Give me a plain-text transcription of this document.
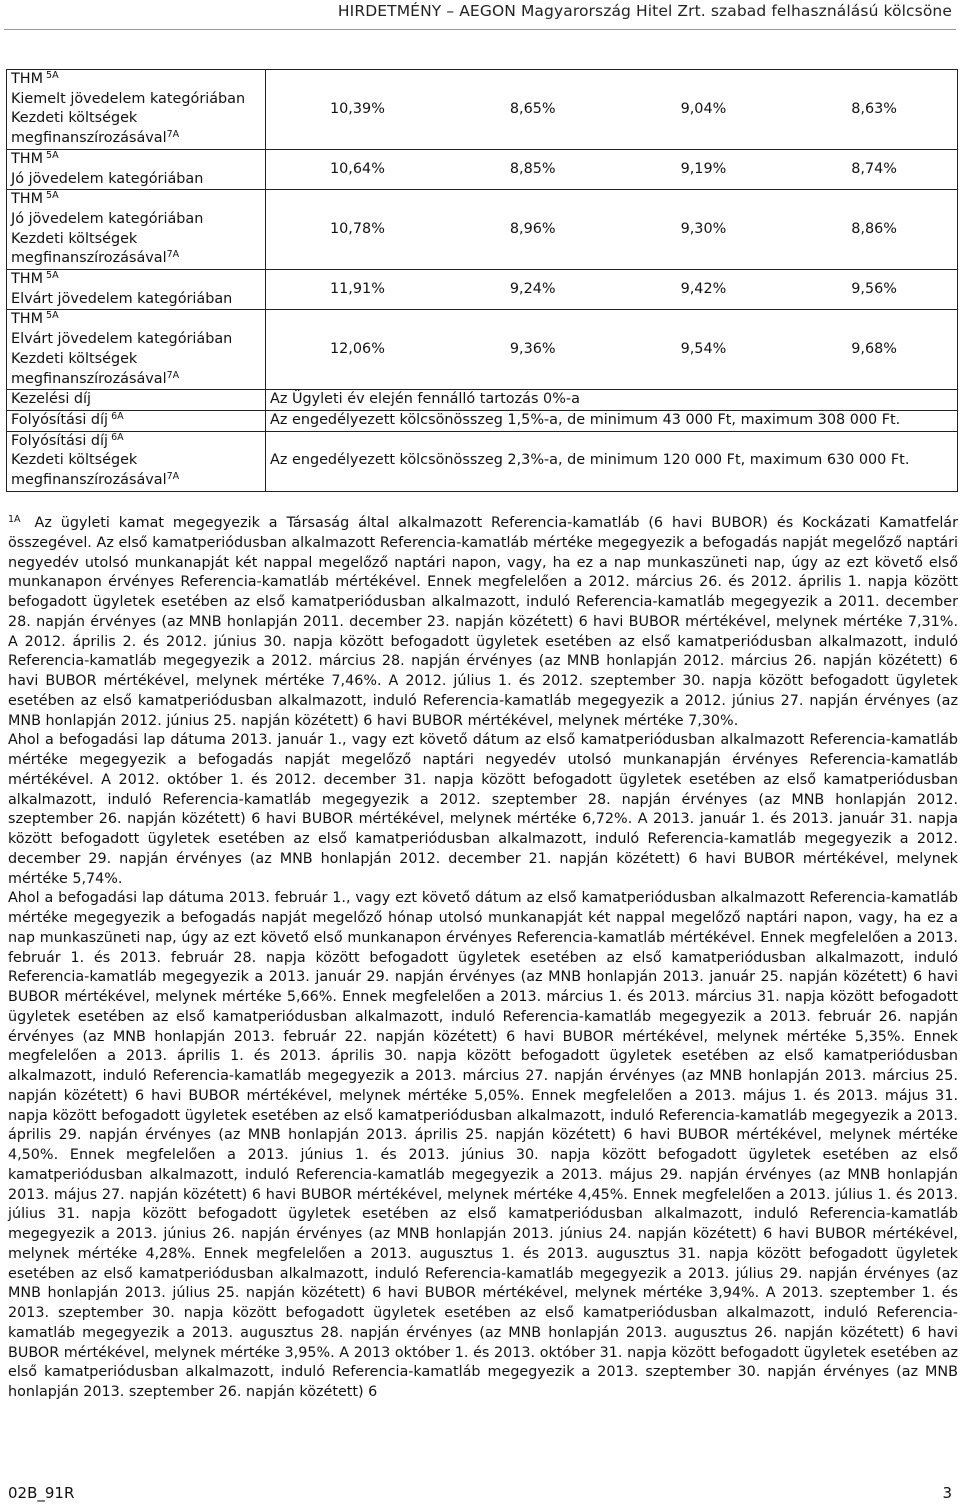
HIRDETMÉNY – AEGON Magyarország Hitel Zrt. szabad felhasználású kölcsöne
THM $^{5A}$
Kiemelt jövedelem kategóriában
Kezdeti költségek
megfinanszírozásával$^{7A}$	10,39% 8,65% 9,04% 8,63%

THM $^{5A}$
Jó jövedelem kategóriában	10,64% 8,85% 9,19% 8,74%

THM $^{5A}$
Jó jövedelem kategóriában
Kezdeti költségek
megfinanszírozásával$^{7A}$	10,78% 8,96% 9,30% 8,86%

THM $^{5A}$
Elvárt jövedelem kategóriában	11,91% 9,24% 9,42% 9,56%

THM $^{5A}$
Elvárt jövedelem kategóriában
Kezdeti költségek
megfinanszírozásával$^{7A}$	12,06% 9,36% 9,54% 9,68%

Kezelési díj	Az Ügyleti év elején fennálló tartozás 0%-a
Folyósítási díj $^{6A}$	Az engedélyezett kölcsönösszeg 1,5%-a, de minimum 43 000 Ft, maximum 308 000 Ft.
Folyósítási díj $^{6A}$
Kezdeti költségek
megfinanszírozásával$^{7A}$	Az engedélyezett kölcsönösszeg 2,3%-a, de minimum 120 000 Ft, maximum 630 000 Ft.

$^{1A}$ Az ügyleti kamat megegyezik a Társaság által alkalmazott Referencia-kamatláb (6 havi BUBOR) és Kockázati Kamatfelár összegével. Az első kamatperiódusban alkalmazott Referencia-kamatláb mértéke megegyezik a befogadás napját megelőző naptári negyedév utolsó munkanapját két nappal megelőző naptári napon, vagy, ha ez a nap munkaszüneti nap, úgy az ezt követő első munkanapon érvényes Referencia-kamatláb mértékével. Ennek megfelelően a 2012. március 26. és 2012. április 1. napja között befogadott ügyletek esetében az első kamatperiódusban alkalmazott, induló Referencia-kamatláb megegyezik a 2011. december 28. napján érvényes (az MNB honlapján 2011. december 23. napján közétett) 6 havi BUBOR mértékével, melynek mértéke 7,31%. A 2012. április 2. és 2012. június 30. napja között befogadott ügyletek esetében az első kamatperiódusban alkalmazott, induló Referencia-kamatláb megegyezik a 2012. március 28. napján érvényes (az MNB honlapján 2012. március 26. napján közétett) 6 havi BUBOR mértékével, melynek mértéke 7,46%. A 2012. július 1. és 2012. szeptember 30. napja között befogadott ügyletek esetében az első kamatperiódusban alkalmazott, induló Referencia-kamatláb megegyezik a 2012. június 27. napján érvényes (az MNB honlapján 2012. június 25. napján közétett) 6 havi BUBOR mértékével, melynek mértéke 7,30%.

Ahol a befogadási lap dátuma 2013. január 1., vagy ezt követő dátum az első kamatperiódusban alkalmazott Referencia-kamatláb mértéke megegyezik a befogadás napját megelőző naptári negyedév utolsó munkanapján érvényes Referencia-kamatláb mértékével. A 2012. október 1. és 2012. december 31. napja között befogadott ügyletek esetében az első kamatperiódusban alkalmazott, induló Referencia-kamatláb megegyezik a 2012. szeptember 28. napján érvényes (az MNB honlapján 2012. szeptember 26. napján közétett) 6 havi BUBOR mértékével, melynek mértéke 6,72%. A 2013. január 1. és 2013. január 31. napja között befogadott ügyletek esetében az első kamatperiódusban alkalmazott, induló Referencia-kamatláb megegyezik a 2012. december 29. napján érvényes (az MNB honlapján 2012. december 21. napján közétett) 6 havi BUBOR mértékével, melynek mértéke 5,74%.

Ahol a befogadási lap dátuma 2013. február 1., vagy ezt követő dátum az első kamatperiódusban alkalmazott Referencia-kamatláb mértéke megegyezik a befogadás napját megelőző hónap utolsó munkanapját két nappal megelőző naptári napon, vagy, ha ez a nap munkaszüneti nap, úgy az ezt követő első munkanapon érvényes Referencia-kamatláb mértékével. Ennek megfelelően a 2013. február 1. és 2013. február 28. napja között befogadott ügyletek esetében az első kamatperiódusban alkalmazott, induló Referencia-kamatláb megegyezik a 2013. január 29. napján érvényes (az MNB honlapján 2013. január 25. napján közétett) 6 havi BUBOR mértékével, melynek mértéke 5,66%. Ennek megfelelően a 2013. március 1. és 2013. március 31. napja között befogadott ügyletek esetében az első kamatperiódusban alkalmazott, induló Referencia-kamatláb megegyezik a 2013. február 26. napján érvényes (az MNB honlapján 2013. február 22. napján közétett) 6 havi BUBOR mértékével, melynek mértéke 5,35%. Ennek megfelelően a 2013. április 1. és 2013. április 30. napja között befogadott ügyletek esetében az első kamatperiódusban alkalmazott, induló Referencia-kamatláb megegyezik a 2013. március 27. napján érvényes (az MNB honlapján 2013. március 25. napján közétett) 6 havi BUBOR mértékével, melynek mértéke 5,05%. Ennek megfelelően a 2013. május 1. és 2013. május 31. napja között befogadott ügyletek esetében az első kamatperiódusban alkalmazott, induló Referencia-kamatláb megegyezik a 2013. április 29. napján érvényes (az MNB honlapján 2013. április 25. napján közétett) 6 havi BUBOR mértékével, melynek mértéke 4,50%. Ennek megfelelően a 2013. június 1. és 2013. június 30. napja között befogadott ügyletek esetében az első kamatperiódusban alkalmazott, induló Referencia-kamatláb megegyezik a 2013. május 29. napján érvényes (az MNB honlapján 2013. május 27. napján közétett) 6 havi BUBOR mértékével, melynek mértéke 4,45%. Ennek megfelelően a 2013. július 1. és 2013. július 31. napja között befogadott ügyletek esetében az első kamatperiódusban alkalmazott, induló Referencia-kamatláb megegyezik a 2013. június 26. napján érvényes (az MNB honlapján 2013. június 24. napján közétett) 6 havi BUBOR mértékével, melynek mértéke 4,28%. Ennek megfelelően a 2013. augusztus 1. és 2013. augusztus 31. napja között befogadott ügyletek esetében az első kamatperiódusban alkalmazott, induló Referencia-kamatláb megegyezik a 2013. július 29. napján érvényes (az MNB honlapján 2013. július 25. napján közétett) 6 havi BUBOR mértékével, melynek mértéke 3,94%. A 2013. szeptember 1. és 2013. szeptember 30. napja között befogadott ügyletek esetében az első kamatperiódusban alkalmazott, induló Referencia-kamatláb megegyezik a 2013. augusztus 28. napján érvényes (az MNB honlapján 2013. augusztus 26. napján közétett) 6 havi BUBOR mértékével, melynek mértéke 3,95%. A 2013 október 1. és 2013. október 31. napja között befogadott ügyletek esetében az első kamatperiódusban alkalmazott, induló Referencia-kamatláb megegyezik a 2013. szeptember 30. napján érvényes (az MNB honlapján 2013. szeptember 26. napján közétett) 6

02B_91R	3
